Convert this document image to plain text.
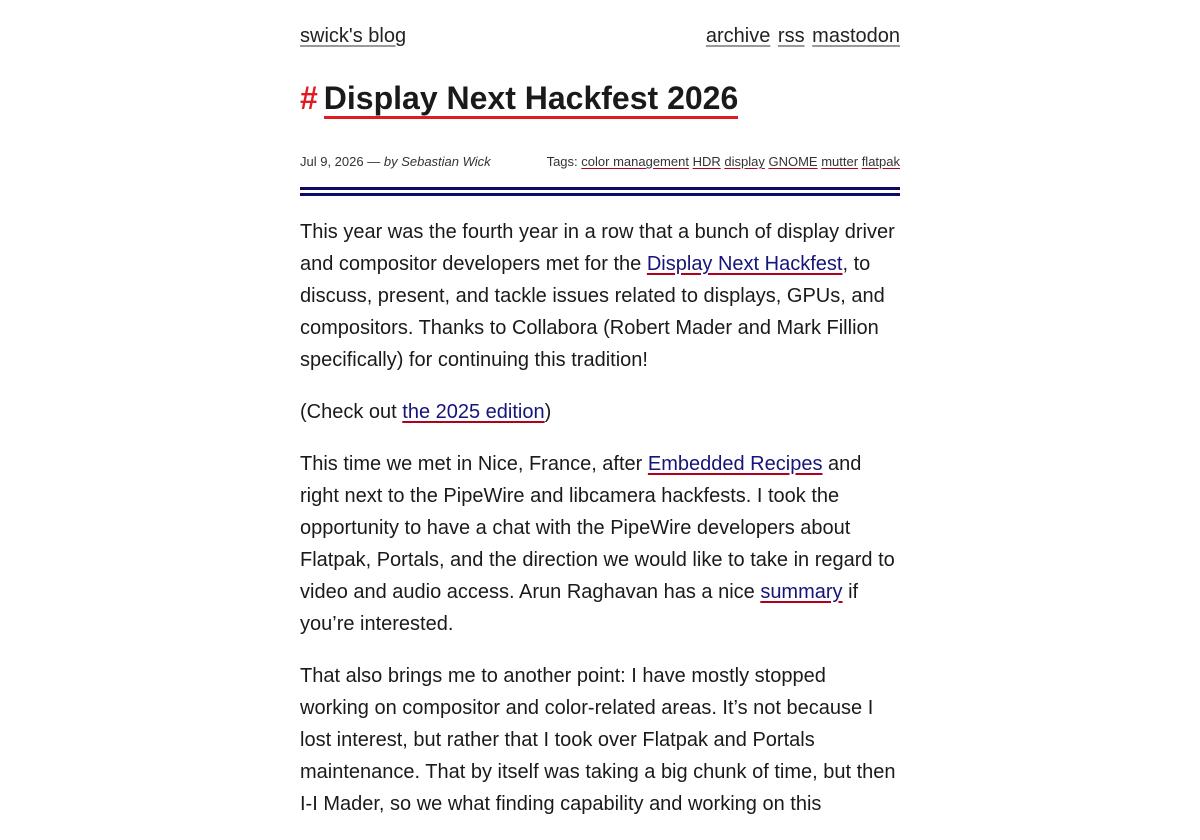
swick's blog	archive rss mastodon
# Display Next Hackfest 2026
Jul 9, 2026 — by Sebastian Wick	Tags: color management HDR display GNOME mutter flatpak

This year was the fourth year in a row that a bunch of display driver and compositor developers met for the Display Next Hackfest, to discuss, present, and tackle issues related to displays, GPUs, and compositors. Thanks to Collabora (Robert Mader and Mark Fillion specifically) for continuing this tradition!

(Check out the 2025 edition)

This time we met in Nice, France, after Embedded Recipes and right next to the PipeWire and libcamera hackfests. I took the opportunity to have a chat with the PipeWire developers about Flatpak, Portals, and the direction we would like to take in regard to video and audio access. Arun Raghavan has a nice summary if you’re interested.

That also brings me to another point: I have mostly stopped working on compositor and color-related areas. It’s not because I lost interest, but rather that I took over Flatpak and Portals maintenance. That by itself was taking a big chunk of time, but then I-I Mader, so we what finding capability and working on this
